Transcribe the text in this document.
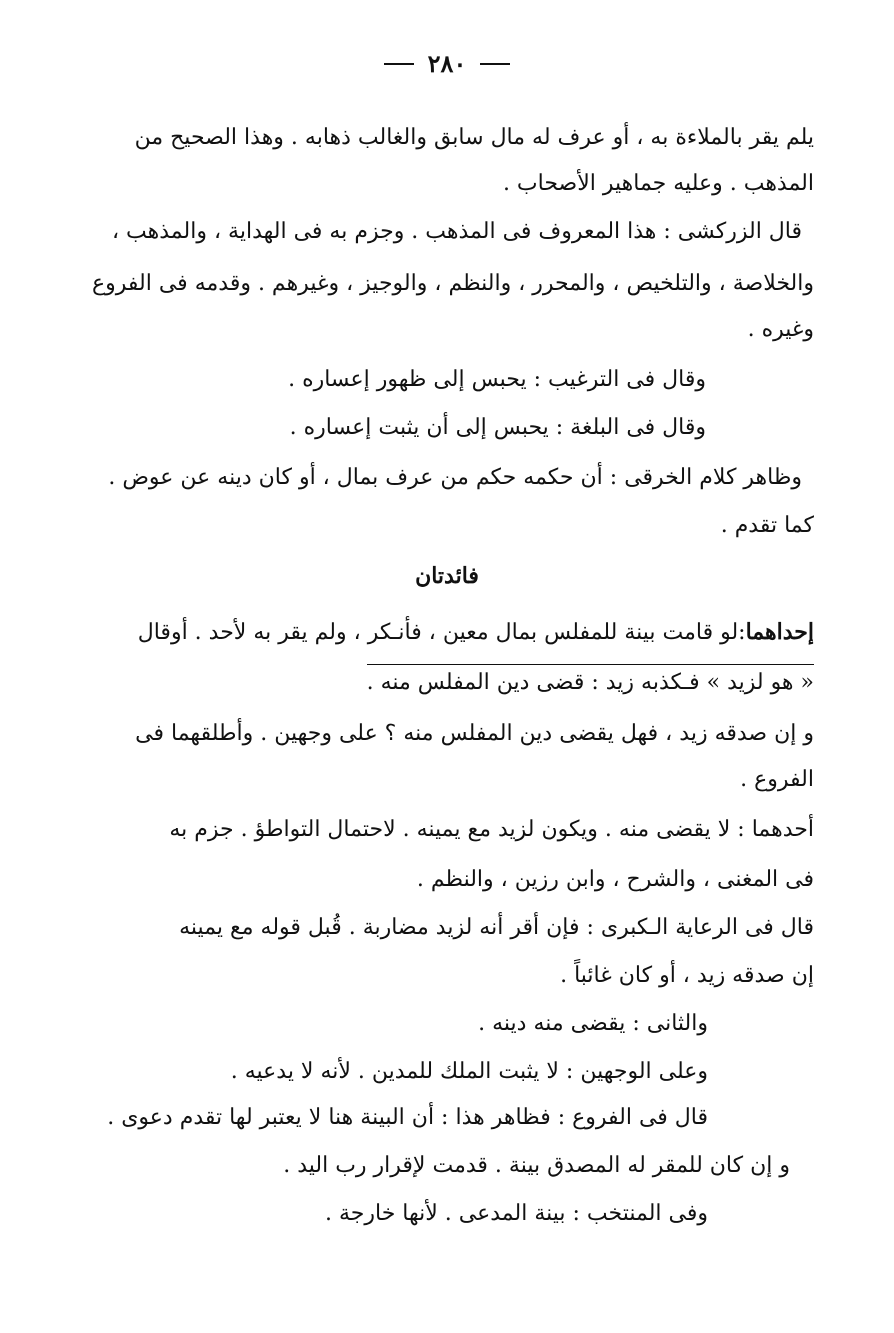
٢٨٠
يلم يقر بالملاءة به ، أو عرف له مال سابق والغالب ذهابه . وهذا الصحيح من
المذهب . وعليه جماهير الأصحاب .
قال الزركشى : هذا المعروف فى المذهب . وجزم به فى الهداية ، والمذهب ،
والخلاصة ، والتلخيص ، والمحرر ، والنظم ، والوجيز ، وغيرهم . وقدمه فى الفروع
وغيره .
وقال فى الترغيب : يحبس إلى ظهور إعساره .
وقال فى البلغة : يحبس إلى أن يثبت إعساره .
وظاهر كلام الخرقى : أن حكمه حكم من عرف بمال ، أو كان دينه عن عوض .
كما تقدم .
فائدتان
إحداهما:لو قامت بينة للمفلس بمال معين ، فأنـكر ، ولم يقر به لأحد . أوقال
« هو لزيد » فـكذبه زيد : قضى دين المفلس منه .
و إن صدقه زيد ، فهل يقضى دين المفلس منه ؟ على وجهين . وأطلقهما فى
الفروع .
أحدهما : لا يقضى منه . ويكون لزيد مع يمينه . لاحتمال التواطؤ . جزم به
فى المغنى ، والشرح ، وابن رزين ، والنظم .
قال فى الرعاية الـكبرى : فإن أقر أنه لزيد مضاربة . قُبل قوله مع يمينه
إن صدقه زيد ، أو كان غائباً .
والثانى : يقضى منه دينه .
وعلى الوجهين : لا يثبت الملك للمدين . لأنه لا يدعيه .
قال فى الفروع : فظاهر هذا : أن البينة هنا لا يعتبر لها تقدم دعوى .
و إن كان للمقر له المصدق بينة . قدمت لإقرار رب اليد .
وفى المنتخب : بينة المدعى . لأنها خارجة .
